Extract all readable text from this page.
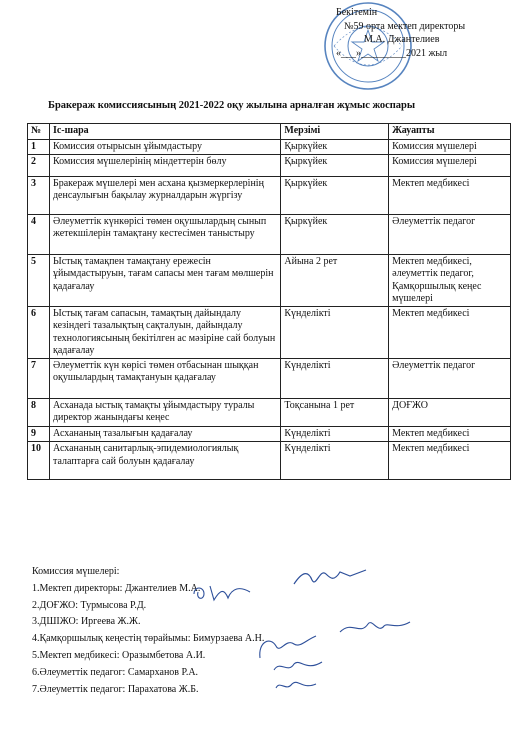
Бекітемін
№59 орта мектеп директоры
М.А. Джантелиев
«___»_________2021 жыл
Бракераж комиссиясының 2021-2022 оқу жылына арналған жұмыс жоспары
№	Іс-шара	Мерзімі	Жауапты
1	Комиссия отырысын ұйымдастыру	Қыркүйек	Комиссия мүшелері
2	Комиссия мүшелерінің міндеттерін бөлу	Қыркүйек	Комиссия мүшелері
3	Бракераж мүшелері мен асхана қызмеркерлерінің денсаулығын бақылау журналдарын жүргізу	Қыркүйек	Мектеп медбикесі
4	Әлеуметтік күнкөрісі төмен оқушылардың сынып жетекшілерін тамақтану кестесімен таныстыру	Қыркүйек	Әлеуметтік педагог
5	Ыстық тамақпен тамақтану ережесін ұйымдастыруын, тағам сапасы мен тағам мөлшерін қадағалау	Айына 2 рет	Мектеп медбикесі, әлеуметтік педагог, Қамқоршылық кеңес мүшелері
6	Ыстық тағам сапасын, тамақтың дайындалу кезіндегі тазалықтың сақталуын, дайындалу технологиясының бекітілген ас мәзіріне сай болуын қадағалау	Күнделікті	Мектеп медбикесі
7	Әлеуметтік күн көрісі төмен отбасынан шыққан оқушылардың тамақтануын қадағалау	Күнделікті	Әлеуметтік педагог
8	Асханада ыстық тамақты ұйымдастыру туралы директор жанындағы кеңес	Тоқсанына 1 рет	ДОҒЖО
9	Асхананың тазалығын қадағалау	Күнделікті	Мектеп медбикесі
10	Асхананың санитарлық-эпидемиологиялық талаптарға сай болуын қадағалау	Күнделікті	Мектеп медбикесі
Комиссия мүшелері:
1.Мектеп директоры: Джантелиев М.А.
2.ДОҒЖО: Турмысова Р.Д.
3.ДШІЖО: Иргеева Ж.Ж.
4.Қамқоршылық кеңестің төрайымы: Бимурзаева А.Н.
5.Мектеп медбикесі: Оразымбетова А.И.
6.Әлеуметтік педагог: Самарханов Р.А.
7.Әлеуметтік педагог: Парахатова Ж.Б.
